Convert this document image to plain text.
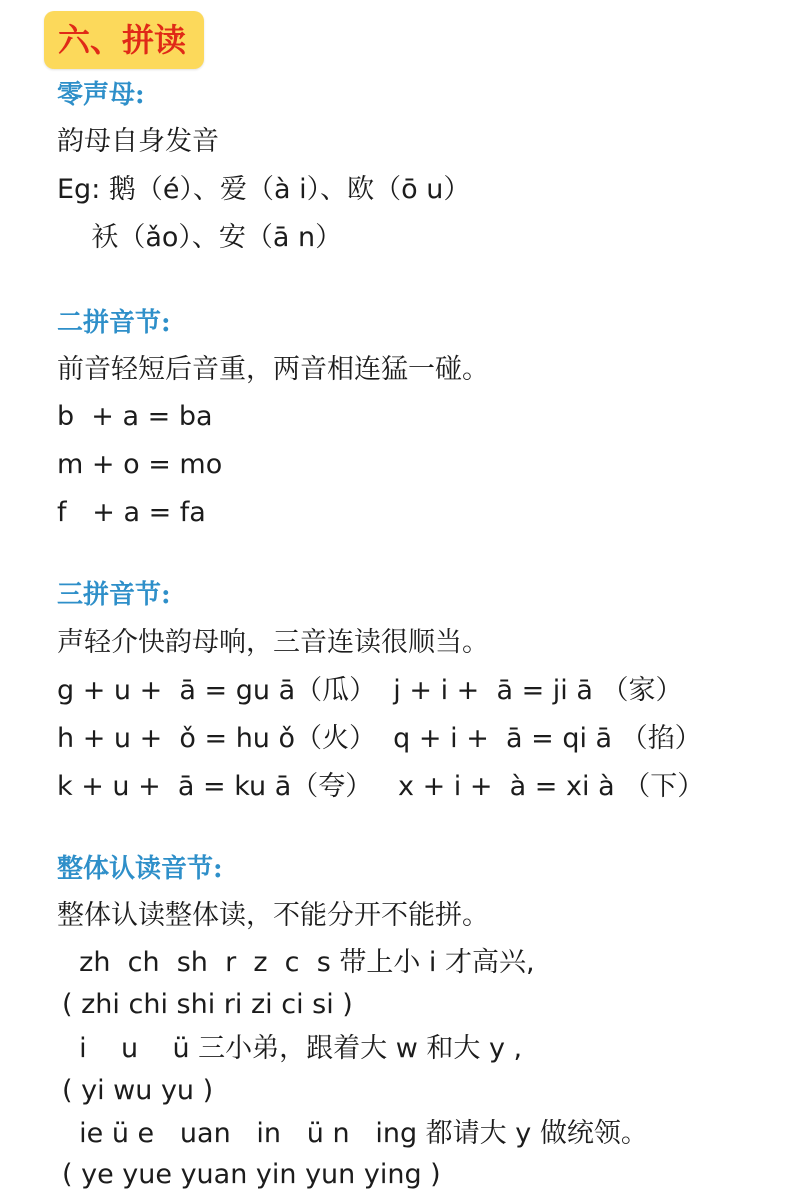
六、拼读
零声母:
韵母自身发音
Eg: 鹅（é）、爱（à i）、欧（ō u）
袄（ǎo）、安（ā n）
二拼音节:
前音轻短后音重，两音相连猛一碰。
b  + a = ba
m + o = mo
f   + a = fa
三拼音节:
声轻介快韵母响，三音连读很顺当。
g + u +  ā = gu ā（瓜）  j + i +  ā = ji ā （家）
h + u +  ǒ = hu ǒ（火）  q + i +  ā = qi ā （掐）
k + u +  ā = ku ā（夸）   x + i +  à = xi à （下）
整体认读音节:
整体认读整体读，不能分开不能拼。
zh  ch  sh  r  z  c  s 带上小 i 才高兴,
( zhi chi shi ri zi ci si )
i    u    ü 三小弟，跟着大 w 和大 y ,
( yi wu yu )
ie ü e   uan   in   ü n   ing 都请大 y 做统领。
( ye yue yuan yin yun ying )
